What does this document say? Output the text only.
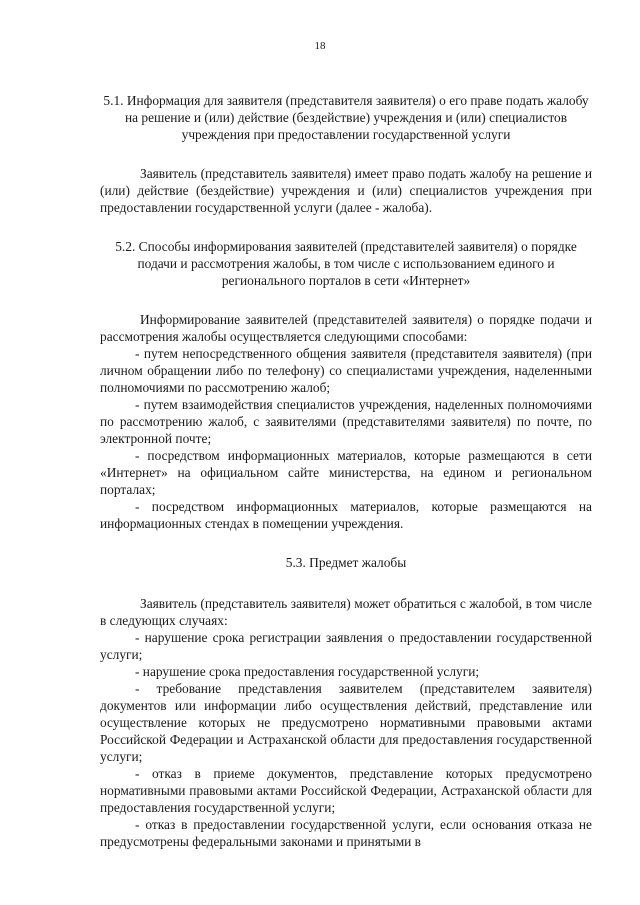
18

5.1. Информация для заявителя (представителя заявителя) о его праве подать жалобу на решение и (или) действие (бездействие) учреждения и (или) специалистов учреждения при предоставлении государственной услуги

Заявитель (представитель заявителя) имеет право подать жалобу на решение и (или) действие (бездействие) учреждения и (или) специалистов учреждения при предоставлении государственной услуги (далее - жалоба).

5.2. Способы информирования заявителей (представителей заявителя) о порядке подачи и рассмотрения жалобы, в том числе с использованием единого и регионального порталов в сети «Интернет»

Информирование заявителей (представителей заявителя) о порядке подачи и рассмотрения жалобы осуществляется следующими способами:

- путем непосредственного общения заявителя (представителя заявителя) (при личном обращении либо по телефону) со специалистами учреждения, наделенными полномочиями по рассмотрению жалоб;

- путем взаимодействия специалистов учреждения, наделенных полномочиями по рассмотрению жалоб, с заявителями (представителями заявителя) по почте, по электронной почте;

- посредством информационных материалов, которые размещаются в сети «Интернет» на официальном сайте министерства, на едином и региональном порталах;

- посредством информационных материалов, которые размещаются на информационных стендах в помещении учреждения.

5.3. Предмет жалобы

Заявитель (представитель заявителя) может обратиться с жалобой, в том числе в следующих случаях:

- нарушение срока регистрации заявления о предоставлении государственной услуги;

- нарушение срока предоставления государственной услуги;

- требование представления заявителем (представителем заявителя) документов или информации либо осуществления действий, представление или осуществление которых не предусмотрено нормативными правовыми актами Российской Федерации и Астраханской области для предоставления государственной услуги;

- отказ в приеме документов, представление которых предусмотрено нормативными правовыми актами Российской Федерации, Астраханской области для предоставления государственной услуги;

- отказ в предоставлении государственной услуги, если основания отказа не предусмотрены федеральными законами и принятыми в
